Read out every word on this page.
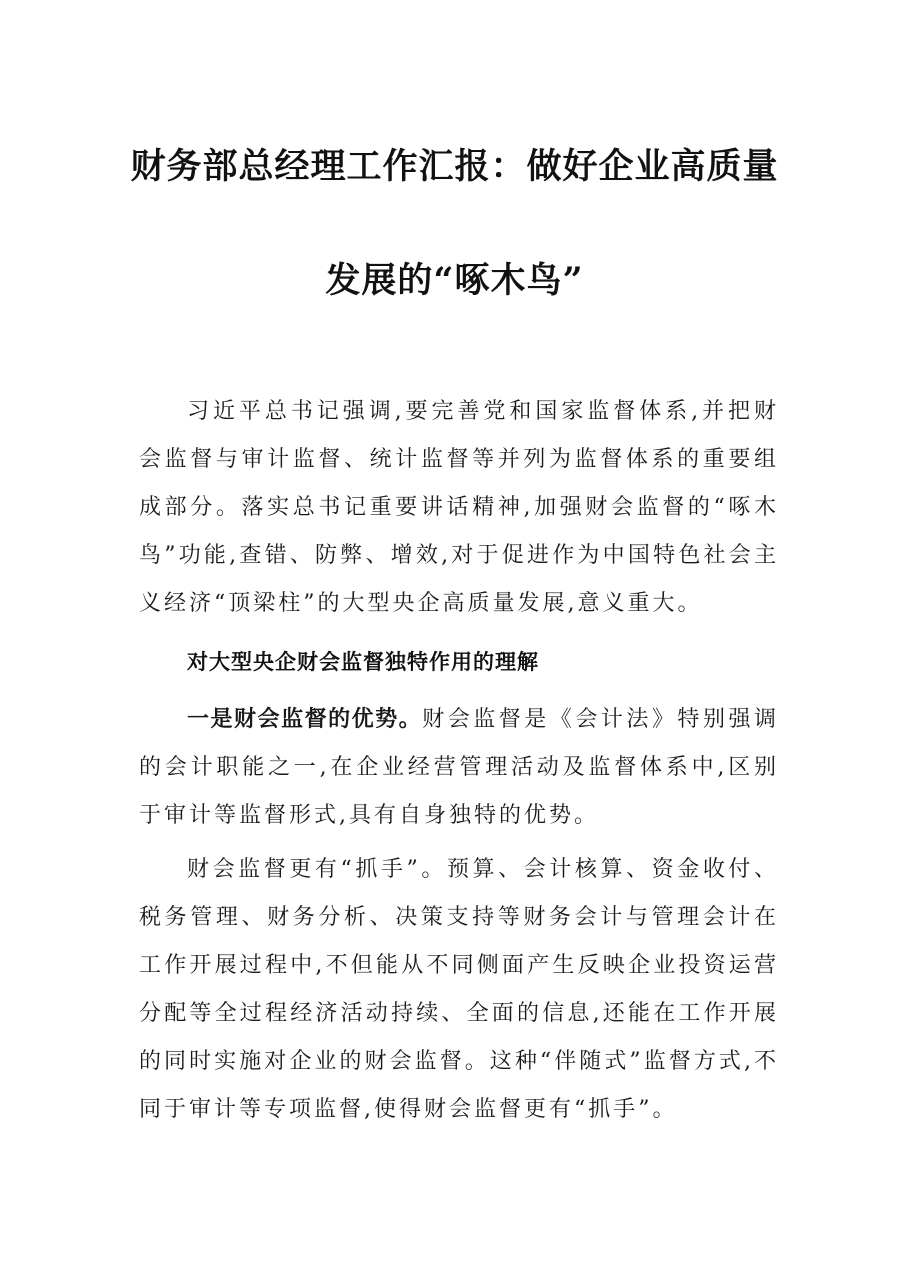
财务部总经理工作汇报：做好企业高质量
发展的“啄木鸟”

习近平总书记强调,要完善党和国家监督体系,并把财会监督与审计监督、统计监督等并列为监督体系的重要组成部分。落实总书记重要讲话精神,加强财会监督的“啄木鸟”功能,查错、防弊、增效,对于促进作为中国特色社会主义经济“顶梁柱”的大型央企高质量发展,意义重大。

对大型央企财会监督独特作用的理解

一是财会监督的优势。财会监督是《会计法》特别强调的会计职能之一,在企业经营管理活动及监督体系中,区别于审计等监督形式,具有自身独特的优势。

财会监督更有“抓手”。预算、会计核算、资金收付、税务管理、财务分析、决策支持等财务会计与管理会计在工作开展过程中,不但能从不同侧面产生反映企业投资运营分配等全过程经济活动持续、全面的信息,还能在工作开展的同时实施对企业的财会监督。这种“伴随式”监督方式,不同于审计等专项监督,使得财会监督更有“抓手”。
